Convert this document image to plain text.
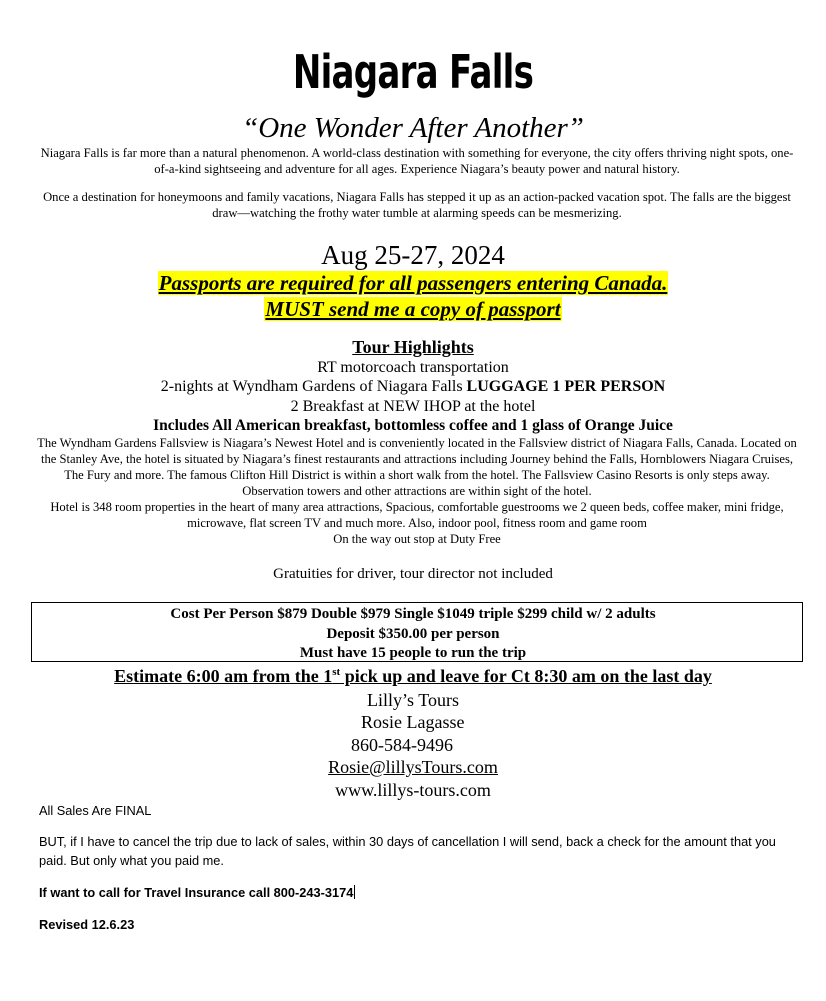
Niagara Falls
“One Wonder After Another”
Niagara Falls is far more than a natural phenomenon. A world-class destination with something for everyone, the city offers thriving night spots, one-of-a-kind sightseeing and adventure for all ages. Experience Niagara’s beauty power and natural history.
Once a destination for honeymoons and family vacations, Niagara Falls has stepped it up as an action-packed vacation spot. The falls are the biggest draw—watching the frothy water tumble at alarming speeds can be mesmerizing.
Aug 25-27, 2024
Passports are required for all passengers entering Canada.
MUST send me a copy of passport
Tour Highlights
RT motorcoach transportation
2-nights at Wyndham Gardens of Niagara Falls LUGGAGE 1 PER PERSON
2 Breakfast at NEW IHOP at the hotel
Includes All American breakfast, bottomless coffee and 1 glass of Orange Juice
The Wyndham Gardens Fallsview is Niagara’s Newest Hotel and is conveniently located in the Fallsview district of Niagara Falls, Canada. Located on the Stanley Ave, the hotel is situated by Niagara’s finest restaurants and attractions including Journey behind the Falls, Hornblowers Niagara Cruises, The Fury and more. The famous Clifton Hill District is within a short walk from the hotel. The Fallsview Casino Resorts is only steps away. Observation towers and other attractions are within sight of the hotel.
Hotel is 348 room properties in the heart of many area attractions, Spacious, comfortable guestrooms we 2 queen beds, coffee maker, mini fridge, microwave, flat screen TV and much more. Also, indoor pool, fitness room and game room
On the way out stop at Duty Free
Gratuities for driver, tour director not included
Cost Per Person $879 Double $979 Single $1049 triple $299 child w/ 2 adults
Deposit $350.00 per person
Must have 15 people to run the trip
Estimate 6:00 am from the 1st pick up and leave for Ct 8:30 am on the last day
Lilly’s Tours
Rosie Lagasse
860-584-9496
Rosie@lillysTours.com
www.lillys-tours.com
All Sales Are FINAL
BUT, if I have to cancel the trip due to lack of sales, within 30 days of cancellation I will send, back a check for the amount that you paid. But only what you paid me.
If want to call for Travel Insurance call 800-243-3174
Revised 12.6.23
